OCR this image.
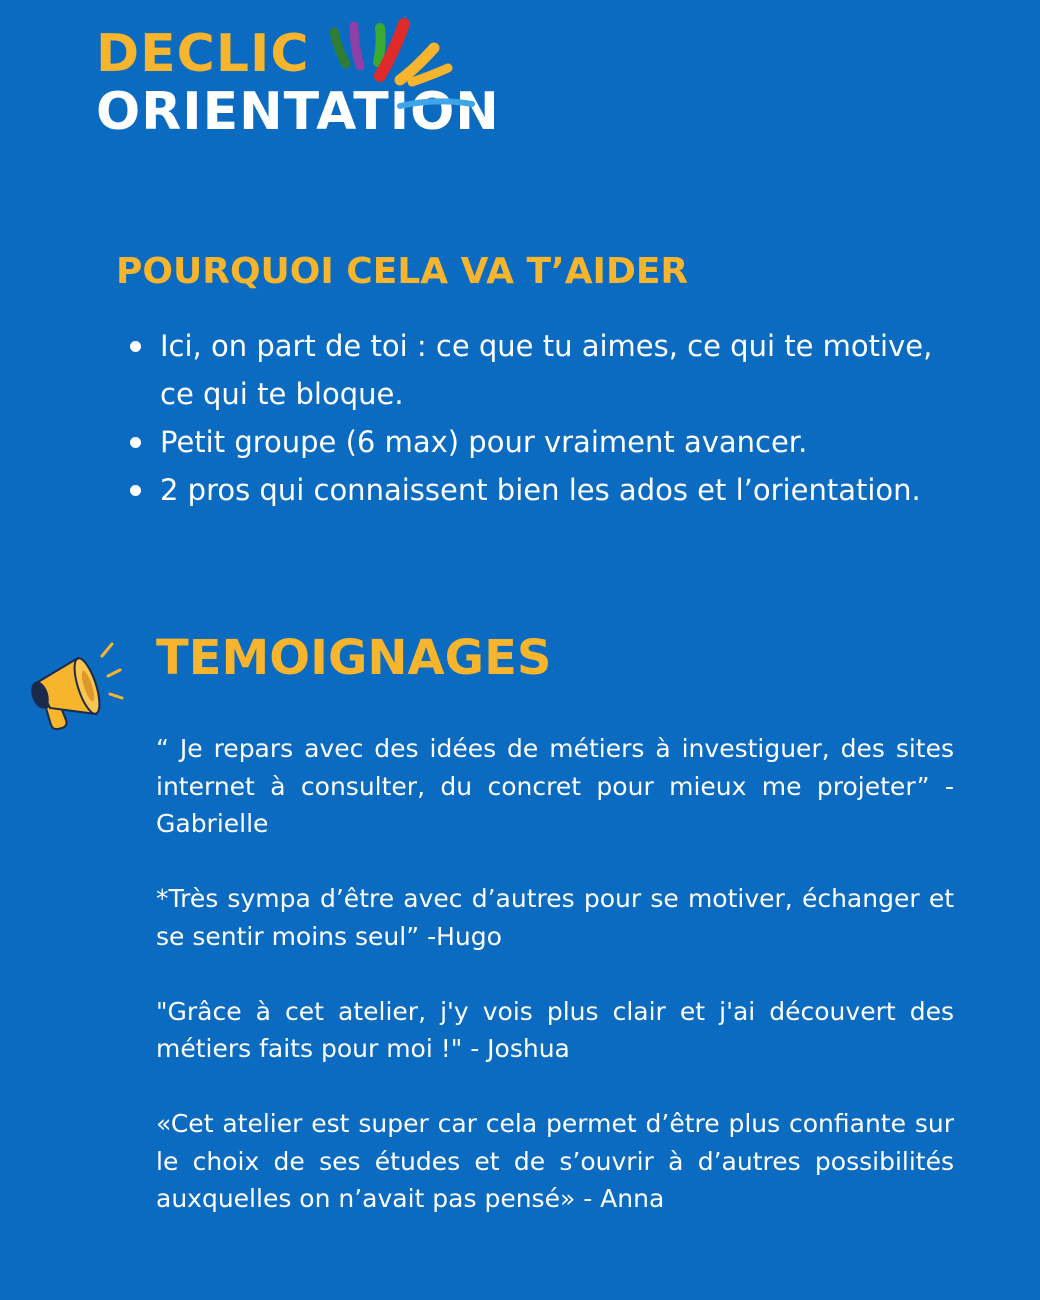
DECLIC
ORIENTATION
POURQUOI CELA VA T’AIDER
Ici, on part de toi : ce que tu aimes, ce qui te motive, ce qui te bloque.
Petit groupe (6 max) pour vraiment avancer.
2 pros qui connaissent bien les ados et l’orientation.
TEMOIGNAGES

“ Je repars avec des idées de métiers à investiguer, des sites internet à consulter, du concret pour mieux me projeter” - Gabrielle

*Très sympa d’être avec d’autres pour se motiver, échanger et se sentir moins seul” -Hugo

"Grâce à cet atelier, j'y vois plus clair et j'ai découvert des métiers faits pour moi !" - Joshua

«Cet atelier est super car cela permet d’être plus confiante sur le choix de ses études et de s’ouvrir à d’autres possibilités auxquelles on n’avait pas pensé» - Anna
